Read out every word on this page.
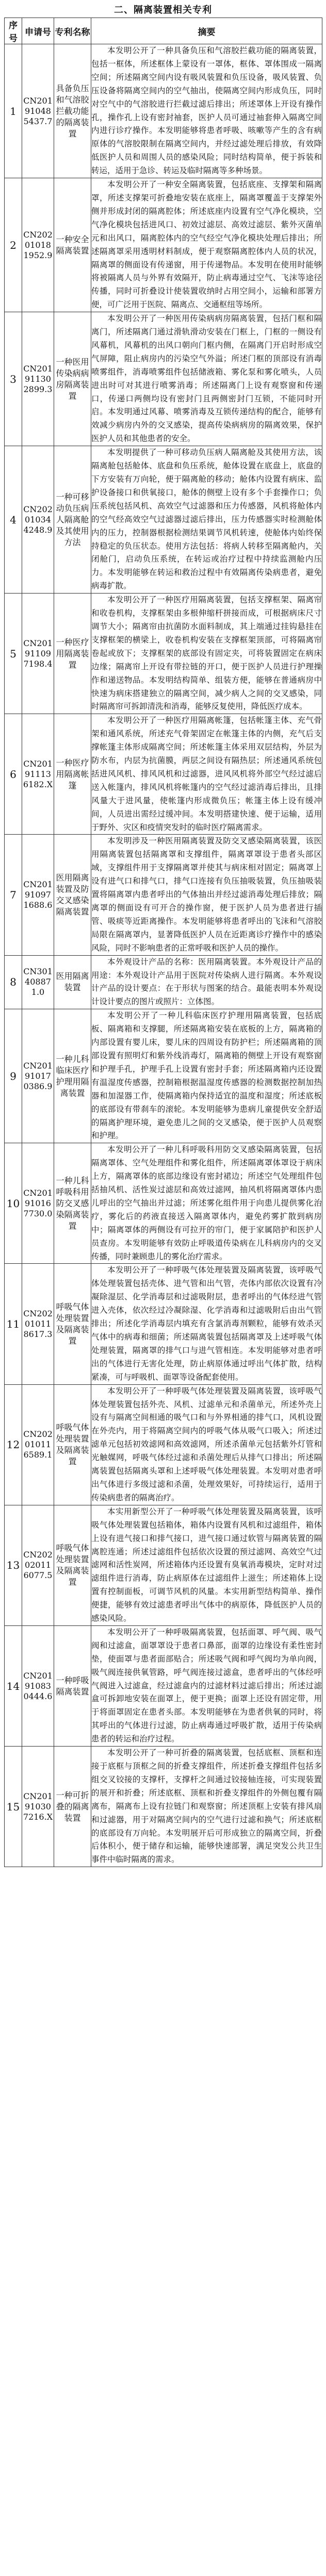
二、隔离装置相关专利
序号	申请号	专利名称	摘要
1	CN201910485437.7	具备负压和气溶胶拦截功能的隔离装置	本发明公开了一种具备负压和气溶胶拦截功能的隔离装置，包括一框体，所述框体上蒙设有一罩体，框体、罩体围成一隔离空间；所述隔离空间内设有吸风装置和负压设备，吸风装置、负压设备将隔离空间内的空气抽出，使隔离空间内形成负压，同时对空气中的气溶胶进行拦截过滤后排出；所述罩体上开设有操作孔，操作孔上设有密封袖套，医护人员可通过袖套伸入隔离空间内进行诊疗操作。本发明能够将患者呼吸、咳嗽等产生的含有病原体的气溶胶限制在隔离空间内，并经过滤处理后排放，有效降低医护人员和周围人员的感染风险；同时结构简单，便于拆装和转运，适用于急诊、转运及临时隔离等多种场景。
2	CN202010181952.9	一种安全隔离装置	本发明公开了一种安全隔离装置，包括底座、支撑架和隔离罩，所述支撑架可折叠地安装在底座上，隔离罩覆盖于支撑架外侧并形成封闭的隔离腔体；所述底座内设置有空气净化模块，空气净化模块包括进风口、初效过滤层、高效过滤层、紫外灭菌单元和出风口，隔离腔体内的空气经空气净化模块处理后排出；所述隔离罩采用透明材料制成，便于观察隔离腔体内人员的状况，隔离罩的侧面设有传递窗，用于传递物品。本发明在使用时能够将被隔离人员与外界有效隔开，防止病毒通过空气、飞沫等途径传播，同时可折叠设计使装置收纳时占用空间小，运输和部署方便，可广泛用于医院、隔离点、交通枢纽等场所。
3	CN201911302899.3	一种医用传染病病房隔离装置	本发明公开了一种医用传染病病房隔离装置，包括门框和隔离门，所述隔离门通过滑轨滑动安装在门框上，门框的一侧设有风幕机，风幕机的出风口朝向门框内侧，在隔离门开启时形成空气屏障，阻止病房内的污染空气外溢；所述门框的顶部设有消毒喷雾组件，消毒喷雾组件包括储液箱、雾化泵和雾化喷头，人员进出时可对其进行喷雾消毒；所述隔离门上设有观察窗和传递口，传递口两侧均设有密封门且两侧密封门互锁，不能同时开启。本发明通过风幕、喷雾消毒及互锁传递结构的配合，能够有效减少病房内外的交叉感染，提高传染病病房的隔离效果，保护医护人员和其他患者的安全。
4	CN202010344248.9	一种可移动负压病人隔离舱及其使用方法	本发明提供了一种可移动负压病人隔离舱及其使用方法，该隔离舱包括舱体、底盘和负压系统，舱体设置在底盘上，底盘的下方安装有万向轮，便于隔离舱的移动；舱体内设置有病床、监护设备接口和供氧接口，舱体的侧壁上设有多个手套操作口；负压系统包括风机、高效空气过滤器和压力传感器，风机将舱体内的空气经高效空气过滤器过滤后排出，压力传感器实时检测舱体内的压力，控制器根据检测结果调节风机转速，使舱体内始终保持稳定的负压状态。使用方法包括：将病人转移至隔离舱内，关闭舱门，启动负压系统，在转运或治疗过程中持续监测舱内压力。本发明能够在转运和救治过程中有效隔离传染病患者，避免病毒扩散。
5	CN201911097198.4	一种医疗用隔离装置	本发明公开了一种医疗用隔离装置，包括支撑框架、隔离帘和收卷机构，支撑框架由多根伸缩杆拼接而成，可根据病床尺寸调节大小；隔离帘由抗菌防水面料制成，其上端通过挂钩悬挂在支撑框架的横梁上，收卷机构安装在支撑框架顶部，可将隔离帘卷起或放下；支撑框架的底部设有固定夹，可将装置固定在病床边缘；隔离帘上开设有带拉链的开口，便于医护人员进行护理操作和递送物品。本发明结构简单、组装方便，能够在普通病房中快速为病床搭建独立的隔离空间，减少病人之间的交叉感染，同时隔离帘可拆卸清洗和消毒，能够反复使用，降低医疗成本。
6	CN201911136182.X	一种医疗用隔离帐篷	本发明公开了一种医疗用隔离帐篷，包括帐篷主体、充气骨架和通风系统，所述充气骨架固定在帐篷主体的内侧，充气后支撑帐篷主体形成隔离空间；所述帐篷主体采用双层结构，外层为防水布，内层为抗菌膜，两层之间设有隔热层；所述通风系统包括进风风机、排风风机和过滤器，进风风机将外部空气经过滤后送入帐篷内，排风风机将帐篷内的空气经过滤消毒后排出，且排风量大于进风量，使帐篷内形成微负压；帐篷主体上设有缓冲间，人员进出需经过缓冲间。本发明搭建快速、便于运输，适用于野外、灾区和疫情突发时的临时医疗隔离需求。
7	CN201910971688.6	医用隔离装置及防交叉感染隔离装置	本发明涉及一种医用隔离装置及防交叉感染隔离装置，该医用隔离装置包括隔离罩和支撑组件，隔离罩罩设于患者头部区域，支撑组件用于支撑隔离罩并使其与病床相对固定；隔离罩上设有进气口和排气口，排气口连接有负压抽吸装置，负压抽吸装置将隔离罩内患者呼出的气体抽出并经过滤消毒处理后排放；隔离罩的侧面设有可开合的操作窗，便于医护人员为患者进行插管、吸痰等近距离操作。本发明能够将患者呼出的飞沫和气溶胶局限在隔离罩内，显著降低医护人员在近距离诊疗操作中的感染风险，同时不影响患者的正常呼吸和医护人员的操作。
8	CN301408871.0	医用隔离装置	本外观设计产品的名称：医用隔离装置。本外观设计产品的用途：本外观设计产品用于医院对传染病人进行隔离。本外观设计产品的设计要点：在于形状与图案的结合。最能表明本外观设计设计要点的图片或照片：立体图。
9	CN201910170386.9	一种儿科临床医疗护理用隔离装置	本发明公开了一种儿科临床医疗护理用隔离装置，包括底板、隔离箱和支撑腿，所述隔离箱安装在底板的上方，隔离箱的内部设置有婴儿床，婴儿床的四周设有防护栏；所述隔离箱的顶部设置有照明灯和紫外线消毒灯，隔离箱的侧壁上开设有观察窗和护理手孔，护理手孔上设置有密封手套；所述隔离箱内还设置有温湿度传感器，控制箱根据温湿度传感器的检测数据控制加热器和加湿器工作，使隔离箱内保持适宜的温度和湿度；所述底板的底部设有带刹车的滚轮。本发明能够为患病儿童提供安全舒适的隔离护理环境，避免患儿之间的交叉感染，便于医护人员观察和护理。
10	CN201910167730.0	一种儿科呼吸科用防交叉感染隔离装置	本发明公开了一种儿科呼吸科用防交叉感染隔离装置，包括隔离罩体、空气处理组件和雾化组件，所述隔离罩体罩设于病床上方，隔离罩体的底部边缘设有密封裙边；所述空气处理组件包括抽风机、活性炭过滤层和高效过滤网，抽风机将隔离罩体内患儿呼出的空气抽出并过滤；所述雾化组件用于向患儿提供雾化治疗，雾化后的药液直接送入隔离罩体内，避免药雾扩散到病房中；隔离罩体的两侧设有可拉开的帘门，便于家属陪护和医护人员查房。本发明能够有效防止呼吸道传染病在儿科病房内的交叉传播，同时兼顾患儿的雾化治疗需求。
11	CN202010118617.3	呼吸气体处理装置及隔离装置	本发明公开了一种呼吸气体处理装置及隔离装置，该呼吸气体处理装置包括壳体、进气管和出气管，壳体内部依次设置有冷凝除湿层、化学消毒层和过滤吸附层，患者呼出的气体经进气管进入壳体，依次经过冷凝除湿、化学消毒和过滤吸附后由出气管排出；所述化学消毒层内填充有含氯消毒剂颗粒，能够有效杀灭气体中的病毒和细菌；所述隔离装置包括隔离罩及上述呼吸气体处理装置，隔离罩的排气口与进气管相连。本发明能够对患者呼出的气体进行无害化处理，防止病原体通过呼出气体扩散，结构紧凑，可与呼吸机、面罩等设备配套使用。
12	CN202010116589.1	呼吸气体处理装置及隔离装置	本发明公开了一种呼吸气体处理装置及隔离装置，该呼吸气体处理装置包括外壳、风机、过滤单元和杀菌单元，所述外壳上设有与隔离空间相通的吸气口和与外界相通的排气口，风机设置在外壳内，用于将隔离空间内的呼吸气体从吸气口吸入；所述过滤单元包括初效滤网和高效滤网，所述杀菌单元包括紫外灯管和光触媒网，呼吸气体经过滤和杀菌处理后从排气口排出；所述隔离装置包括隔离头罩和上述呼吸气体处理装置。本发明对患者呼出气体进行多级过滤和杀菌，处理效果好，可持续运行，适用于传染病患者的隔离治疗。
13	CN202020116077.5	呼吸气体处理装置及隔离装置	本实用新型公开了一种呼吸气体处理装置及隔离装置，该呼吸气体处理装置包括箱体，箱体内设置有风机和过滤组件，箱体上设有进气接口和排气接口，进气接口通过软管与隔离装置的隔离腔连通；所述过滤组件包括依次设置的预过滤网、高效空气过滤网和活性炭网，所述箱体内还设置有臭氧消毒模块，定时对过滤组件进行消毒，防止病原体在过滤组件上滋生；所述箱体上设置有控制面板，可调节风机的风量。本实用新型结构简单、操作便捷，能够有效过滤患者呼出气体中的病原体，降低医护人员的感染风险。
14	CN201910830444.6	一种呼吸隔离装置	本发明公开了一种呼吸隔离装置，包括面罩、呼气阀、吸气阀和过滤盒，面罩罩设于患者口鼻部，面罩的边缘设有柔性密封垫，使面罩与患者面部贴合；所述吸气阀和呼气阀均为单向阀，吸气阀连接供氧管路，呼气阀连接过滤盒，患者呼出的气体经呼气阀进入过滤盒，经过滤盒内的过滤材料过滤后排出；所述过滤盒可拆卸地安装在面罩上，便于更换；面罩上还设有固定带，用于将面罩固定在患者头部。本发明能够在为患者供氧的同时，将其呼出的气体进行过滤，防止病毒通过呼吸扩散，适用于传染病患者的转运和治疗过程。
15	CN201910307216.X	一种可折叠的隔离装置	本发明公开了一种可折叠的隔离装置，包括底框、顶框和连接于底框与顶框之间的折叠支撑组件，所述折叠支撑组件包括多组交叉铰接的支撑杆，支撑杆之间通过铰接轴连接，可实现装置的展开和折叠；所述底框、顶框和折叠支撑组件的外侧包覆有隔离布，隔离布上设有拉链门和观察窗；所述顶框上安装有排风扇和过滤器，用于对隔离空间内的空气进行过滤和换气；所述底框的底部设有万向轮。本发明展开后可形成独立的隔离空间，折叠后体积小，便于储存和运输，能够快速部署，满足突发公共卫生事件中临时隔离的需求。
